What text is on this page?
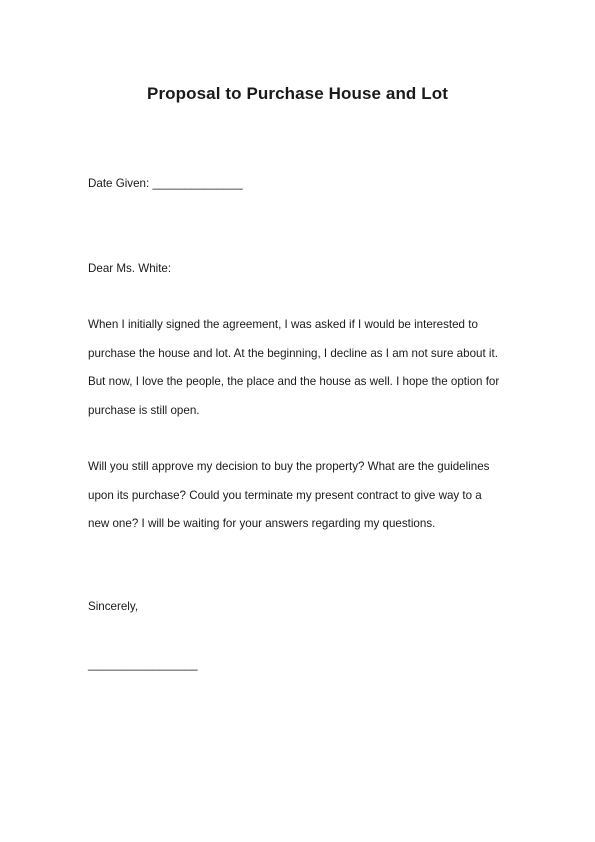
Proposal to Purchase House and Lot
Date Given: ______________
Dear Ms. White:
When I initially signed the agreement, I was asked if I would be interested to
purchase the house and lot. At the beginning, I decline as I am not sure about it.
But now, I love the people, the place and the house as well. I hope the option for
purchase is still open.
Will you still approve my decision to buy the property? What are the guidelines
upon its purchase? Could you terminate my present contract to give way to a
new one? I will be waiting for your answers regarding my questions.
Sincerely,
_________________
